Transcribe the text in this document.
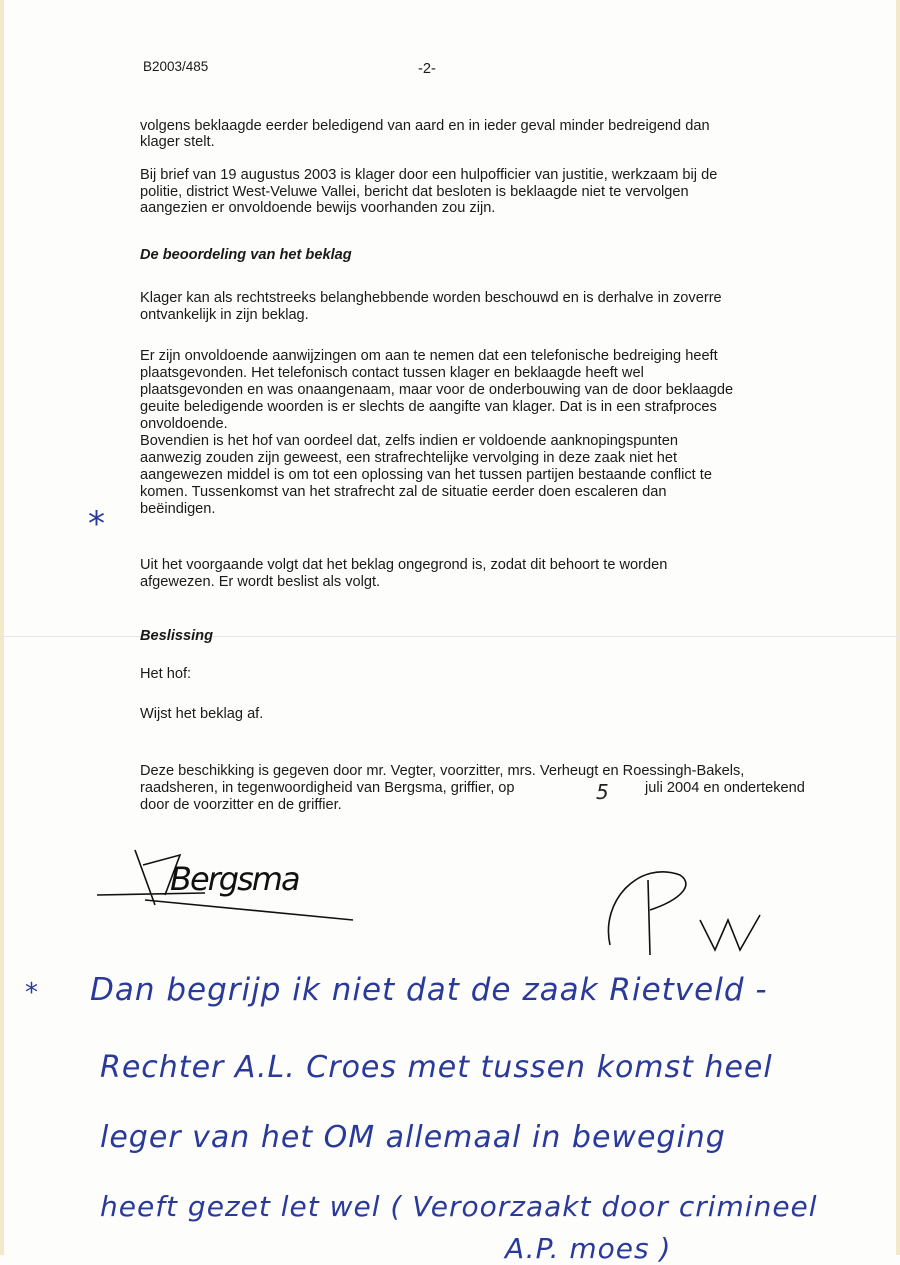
B2003/485	-2-
volgens beklaagde eerder beledigend van aard en in ieder geval minder bedreigend dan
klager stelt.
Bij brief van 19 augustus 2003 is klager door een hulpofficier van justitie, werkzaam bij de
politie, district West-Veluwe Vallei, bericht dat besloten is beklaagde niet te vervolgen
aangezien er onvoldoende bewijs voorhanden zou zijn.
De beoordeling van het beklag
Klager kan als rechtstreeks belanghebbende worden beschouwd en is derhalve in zoverre
ontvankelijk in zijn beklag.
Er zijn onvoldoende aanwijzingen om aan te nemen dat een telefonische bedreiging heeft
plaatsgevonden. Het telefonisch contact tussen klager en beklaagde heeft wel
plaatsgevonden en was onaangenaam, maar voor de onderbouwing van de door beklaagde
geuite beledigende woorden is er slechts de aangifte van klager. Dat is in een strafproces
onvoldoende.
Bovendien is het hof van oordeel dat, zelfs indien er voldoende aanknopingspunten
aanwezig zouden zijn geweest, een strafrechtelijke vervolging in deze zaak niet het
aangewezen middel is om tot een oplossing van het tussen partijen bestaande conflict te
komen. Tussenkomst van het strafrecht zal de situatie eerder doen escaleren dan
beëindigen.
*
Uit het voorgaande volgt dat het beklag ongegrond is, zodat dit behoort te worden
afgewezen. Er wordt beslist als volgt.
Beslissing
Het hof:
Wijst het beklag af.
Deze beschikking is gegeven door mr. Vegter, voorzitter, mrs. Verheugt en Roessingh-Bakels,
raadsheren, in tegenwoordigheid van Bergsma, griffier, op	5 juli 2004 en ondertekend
door de voorzitter en de griffier.
Bergsma
* Dan begrijp ik niet dat de zaak Rietveld -
Rechter A.L. Croes met tussen komst heel
leger van het OM allemaal in beweging
heeft gezet let wel ( Veroorzaakt door crimineel
A.P. moes )
